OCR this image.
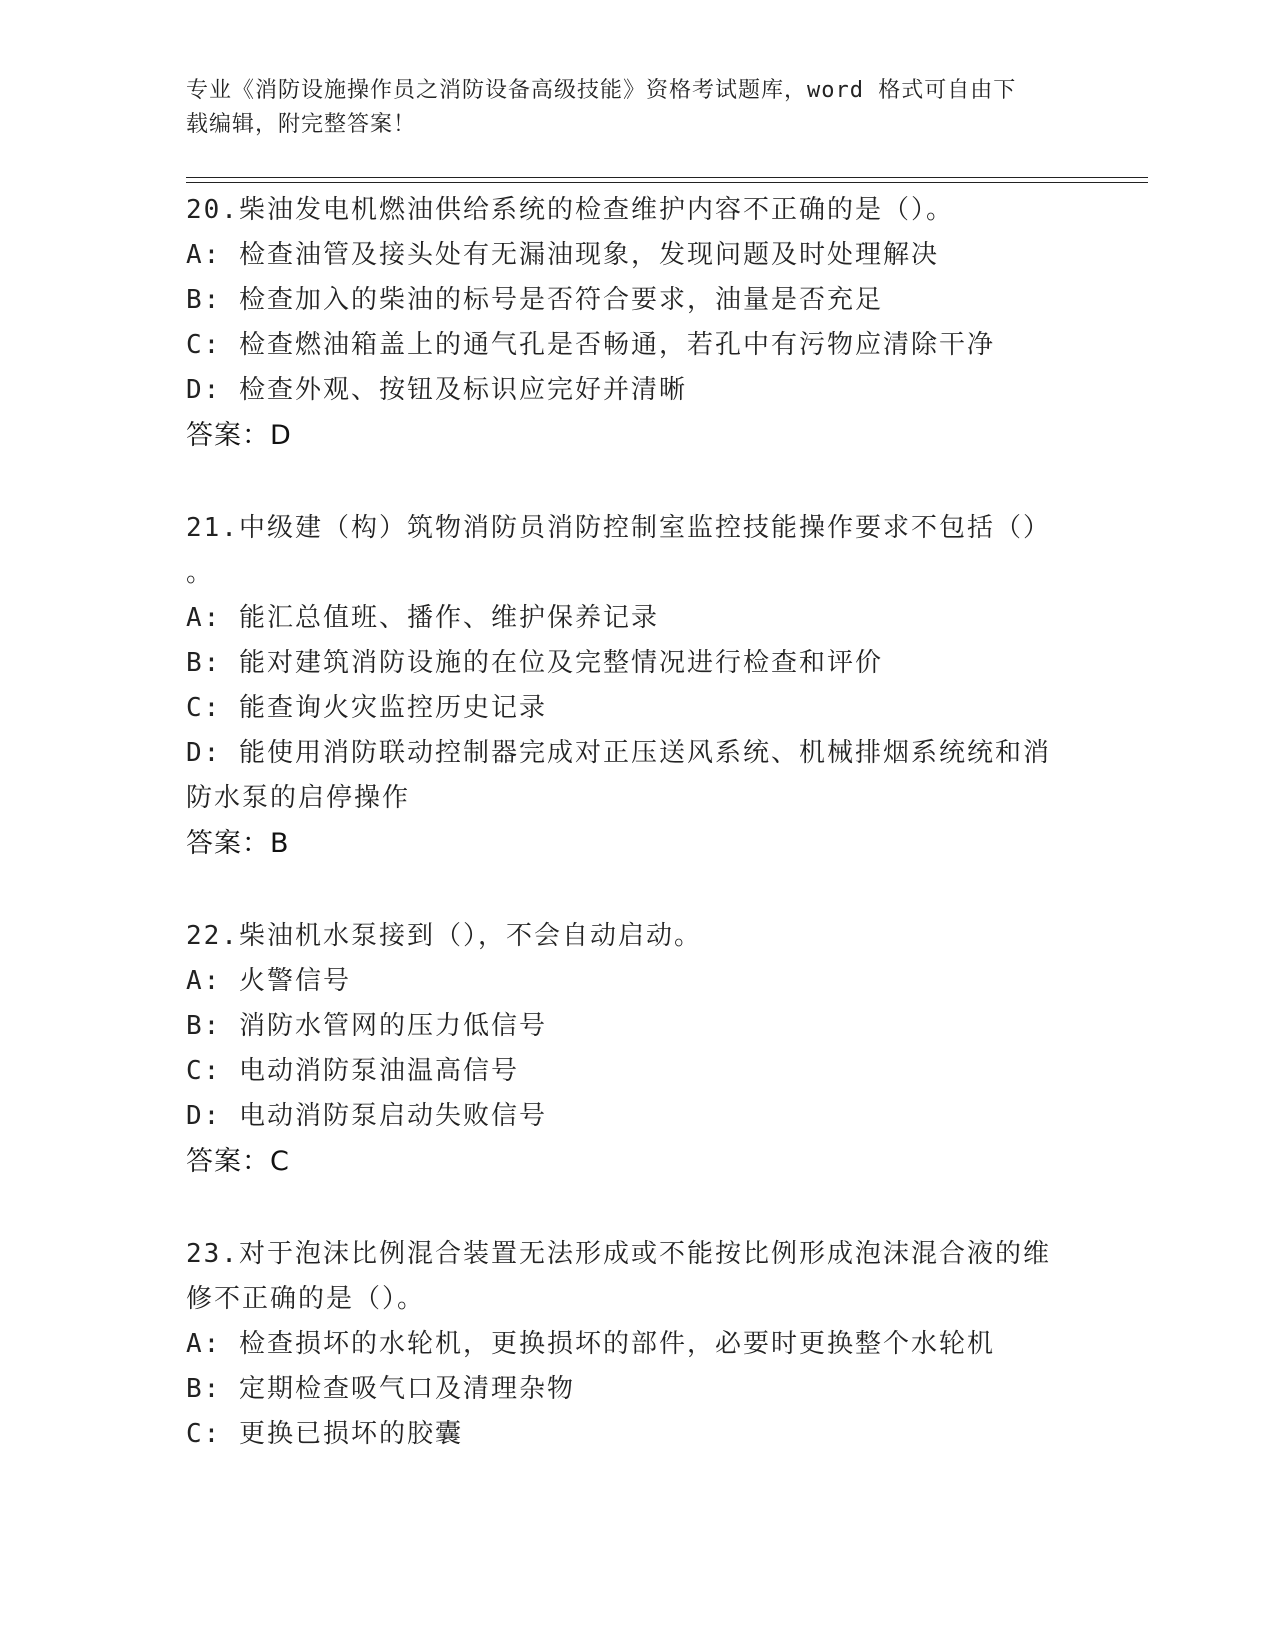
专业《消防设施操作员之消防设备高级技能》资格考试题库，word 格式可自由下
载编辑，附完整答案！

20.柴油发电机燃油供给系统的检查维护内容不正确的是（）。

A: 检查油管及接头处有无漏油现象，发现问题及时处理解决

B: 检查加入的柴油的标号是否符合要求，油量是否充足

C: 检查燃油箱盖上的通气孔是否畅通，若孔中有污物应清除干净

D: 检查外观、按钮及标识应完好并清晰

答案：D

21.中级建（构）筑物消防员消防控制室监控技能操作要求不包括（）

。

A: 能汇总值班、播作、维护保养记录

B: 能对建筑消防设施的在位及完整情况进行检查和评价

C: 能查询火灾监控历史记录

D: 能使用消防联动控制器完成对正压送风系统、机械排烟系统统和消

防水泵的启停操作

答案：B

22.柴油机水泵接到（），不会自动启动。

A: 火警信号

B: 消防水管网的压力低信号

C: 电动消防泵油温高信号

D: 电动消防泵启动失败信号

答案：C

23.对于泡沫比例混合装置无法形成或不能按比例形成泡沫混合液的维

修不正确的是（）。

A: 检查损坏的水轮机，更换损坏的部件，必要时更换整个水轮机

B: 定期检查吸气口及清理杂物

C: 更换已损坏的胶囊
